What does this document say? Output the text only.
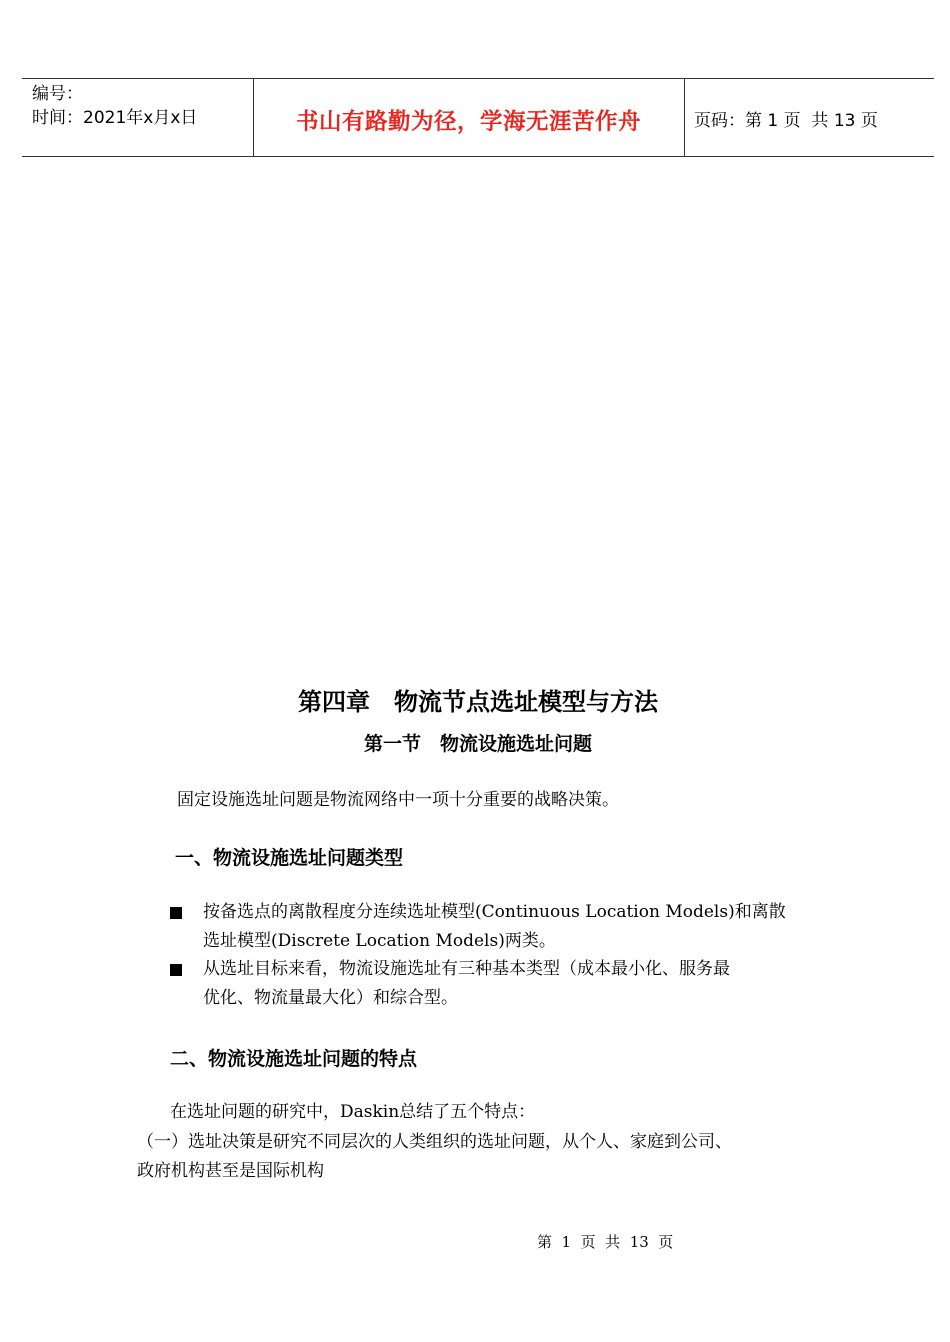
编号：
时间：2021年x月x日	书山有路勤为径，学海无涯苦作舟	页码：第 1 页  共 13 页
第四章　物流节点选址模型与方法
第一节　物流设施选址问题
固定设施选址问题是物流网络中一项十分重要的战略决策。
一、物流设施选址问题类型
按备选点的离散程度分连续选址模型(Continuous Location Models)和离散
选址模型(Discrete Location Models)两类。
从选址目标来看，物流设施选址有三种基本类型（成本最小化、服务最
优化、物流量最大化）和综合型。
二、物流设施选址问题的特点
在选址问题的研究中，Daskin总结了五个特点：
（一）选址决策是研究不同层次的人类组织的选址问题，从个人、家庭到公司、
政府机构甚至是国际机构
第  1  页  共  13  页
